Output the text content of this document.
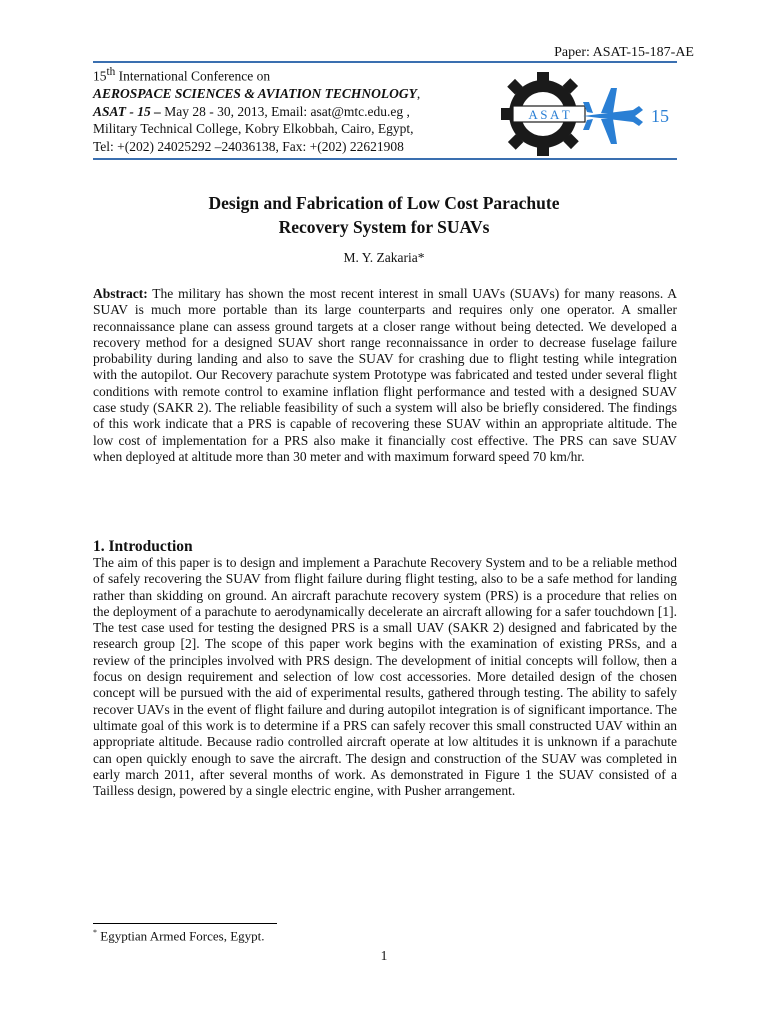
Paper: ASAT-15-187-AE
15th International Conference on
AEROSPACE SCIENCES & AVIATION TECHNOLOGY,
ASAT - 15 – May 28 - 30, 2013, Email: asat@mtc.edu.eg ,
Military Technical College, Kobry Elkobbah, Cairo, Egypt,
Tel: +(202) 24025292 –24036138, Fax: +(202) 22621908
A S A T	15
Design and Fabrication of Low Cost Parachute
Recovery System for SUAVs
M. Y. Zakaria*
Abstract: The military has shown the most recent interest in small UAVs (SUAVs) for many reasons. A SUAV is much more portable than its large counterparts and requires only one operator. A smaller reconnaissance plane can assess ground targets at a closer range without being detected. We developed a recovery method for a designed SUAV short range reconnaissance in order to decrease fuselage failure probability during landing and also to save the SUAV for crashing due to flight testing while integration with the autopilot. Our Recovery parachute system Prototype was fabricated and tested under several flight conditions with remote control to examine inflation flight performance and tested with a designed SUAV case study (SAKR 2). The reliable feasibility of such a system will also be briefly considered. The findings of this work indicate that a PRS is capable of recovering these SUAV within an appropriate altitude. The low cost of implementation for a PRS also make it financially cost effective. The PRS can save SUAV when deployed at altitude more than 30 meter and with maximum forward speed 70 km/hr.
1. Introduction
The aim of this paper is to design and implement a Parachute Recovery System and to be a reliable method of safely recovering the SUAV from flight failure during flight testing, also to be a safe method for landing rather than skidding on ground. An aircraft parachute recovery system (PRS) is a procedure that relies on the deployment of a parachute to aerodynamically decelerate an aircraft allowing for a safer touchdown [1]. The test case used for testing the designed PRS is a small UAV (SAKR 2) designed and fabricated by the research group [2]. The scope of this paper work begins with the examination of existing PRSs, and a review of the principles involved with PRS design. The development of initial concepts will follow, then a focus on design requirement and selection of low cost accessories. More detailed design of the chosen concept will be pursued with the aid of experimental results, gathered through testing. The ability to safely recover UAVs in the event of flight failure and during autopilot integration is of significant importance. The ultimate goal of this work is to determine if a PRS can safely recover this small constructed UAV within an appropriate altitude. Because radio controlled aircraft operate at low altitudes it is unknown if a parachute can open quickly enough to save the aircraft. The design and construction of the SUAV was completed in early march 2011, after several months of work. As demonstrated in Figure 1 the SUAV consisted of a Tailless design, powered by a single electric engine, with Pusher arrangement.
* Egyptian Armed Forces, Egypt.
1
